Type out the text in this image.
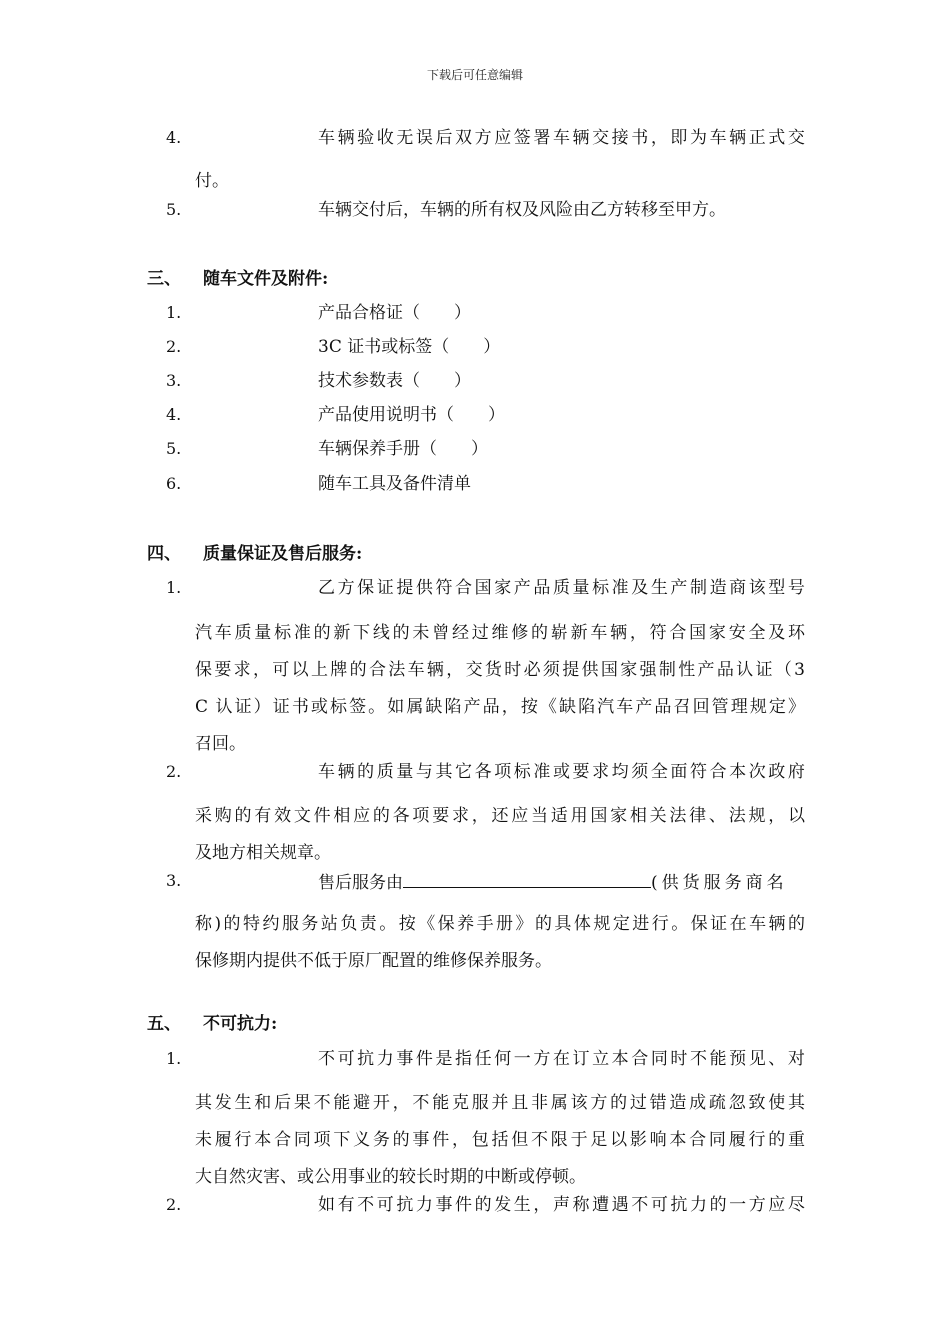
下载后可任意编辑
4.	车 辆 验 收 无 误 后 双 方 应 签 署 车 辆 交 接 书 ， 即 为 车 辆 正 式 交
付。
5.	车辆交付后，车辆的所有权及风险由乙方转移至甲方。
三、 随车文件及附件:
1.	产品合格证（　　）
2.	3C 证书或标签（　　）
3.	技术参数表（　　）
4.	产品使用说明书（　　）
5.	车辆保养手册（　　）
6.	随车工具及备件清单
四、 质量保证及售后服务:
1.	乙 方 保 证 提 供 符 合 国 家 产 品 质 量 标 准 及 生 产 制 造 商 该 型 号
汽车质量标准的新下线的未曾经过维修的崭新车辆，符合国家安全及环
保要求，可以上牌的合法车辆，交货时必须提供国家强制性产品认证（3
C 认证）证书或标签。如属缺陷产品，按《缺陷汽车产品召回管理规定》
召回。
2.	车 辆 的 质 量 与 其 它 各 项 标 准 或 要 求 均 须 全 面 符 合 本 次 政 府
采购的有效文件相应的各项要求，还应当适用国家相关法律、法规，以
及地方相关规章。
3.	售后服务由	(供货服务商名
称)的特约服务站负责。按《保养手册》的具体规定进行。保证在车辆的
保修期内提供不低于原厂配置的维修保养服务。
五、 不可抗力:
1.	不 可 抗 力 事 件 是 指 任 何 一 方 在 订 立 本 合 同 时 不 能 预 见 、 对
其发生和后果不能避开，不能克服并且非属该方的过错造成疏忽致使其
未履行本合同项下义务的事件，包括但不限于足以影响本合同履行的重
大自然灾害、或公用事业的较长时期的中断或停顿。
2.	如 有 不 可 抗 力 事 件 的 发 生 ， 声 称 遭 遇 不 可 抗 力 的 一 方 应 尽
